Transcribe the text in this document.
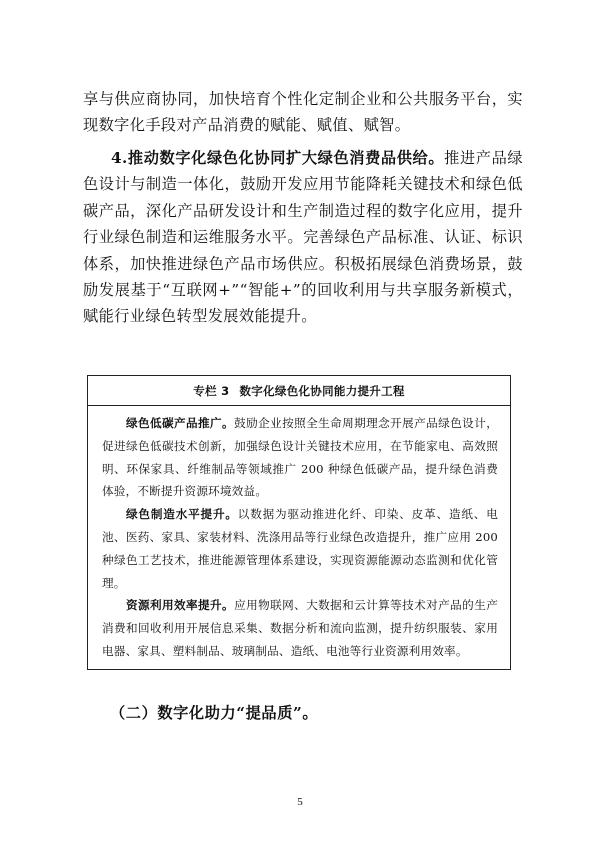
享与供应商协同，加快培育个性化定制企业和公共服务平台，实现数字化手段对产品消费的赋能、赋值、赋智。

4.推动数字化绿色化协同扩大绿色消费品供给。推进产品绿色设计与制造一体化，鼓励开发应用节能降耗关键技术和绿色低碳产品，深化产品研发设计和生产制造过程的数字化应用，提升行业绿色制造和运维服务水平。完善绿色产品标准、认证、标识体系，加快推进绿色产品市场供应。积极拓展绿色消费场景，鼓励发展基于“互联网+”“智能+”的回收利用与共享服务新模式，赋能行业绿色转型发展效能提升。

专栏 3 数字化绿色化协同能力提升工程

绿色低碳产品推广。鼓励企业按照全生命周期理念开展产品绿色设计，促进绿色低碳技术创新，加强绿色设计关键技术应用，在节能家电、高效照明、环保家具、纤维制品等领域推广 200 种绿色低碳产品，提升绿色消费体验，不断提升资源环境效益。

绿色制造水平提升。以数据为驱动推进化纤、印染、皮革、造纸、电池、医药、家具、家装材料、洗涤用品等行业绿色改造提升，推广应用 200 种绿色工艺技术，推进能源管理体系建设，实现资源能源动态监测和优化管理。

资源利用效率提升。应用物联网、大数据和云计算等技术对产品的生产消费和回收利用开展信息采集、数据分析和流向监测，提升纺织服装、家用电器、家具、塑料制品、玻璃制品、造纸、电池等行业资源利用效率。

（二）数字化助力“提品质”。

5
